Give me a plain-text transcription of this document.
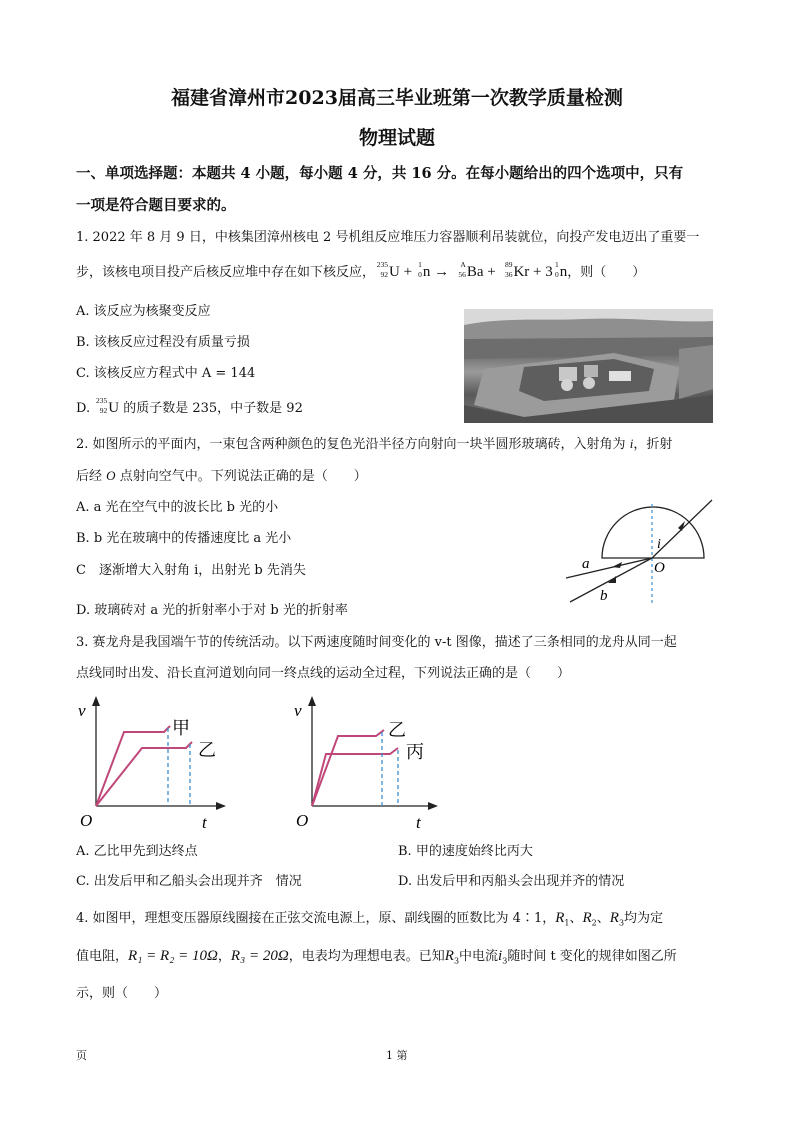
福建省漳州市2023届高三毕业班第一次教学质量检测
物理试题
一、单项选择题：本题共 4 小题，每小题 4 分，共 16 分。在每小题给出的四个选项中，只有
一项是符合题目要求的。
1. 2022 年 8 月 9 日，中核集团漳州核电 2 号机组反应堆压力容器顺利吊装就位，向投产发电迈出了重要一
步，该核电项目投产后核反应堆中存在如下核反应，
235
92 U + 1
0 n → A
56 Ba + 89
36 Kr + 3 1
0 n，则（　　）
A. 该反应为核聚变反应
B. 该核反应过程没有质量亏损
C. 该核反应方程式中 A = 144
D.
235
92 U 的质子数是 235，中子数是 92
2. 如图所示的平面内，一束包含两种颜色的复色光沿半径方向射向一块半圆形玻璃砖，入射角为 i，折射
后经 O 点射向空气中。下列说法正确的是（　　）
A. a 光在空气中的波长比 b 光的小
B. b 光在玻璃中的传播速度比 a 光小
C　逐渐增大入射角 i，出射光 b 先消失
D. 玻璃砖对 a 光的折射率小于对 b 光的折射率
i
O
a
b
3. 赛龙舟是我国端午节的传统活动。以下两速度随时间变化的 v-t 图像，描述了三条相同的龙舟从同一起
点线同时出发、沿长直河道划向同一终点线的运动全过程，下列说法正确的是（　　）
v
O	t
甲
乙
v
O	t
乙
丙
A. 乙比甲先到达终点	B. 甲的速度始终比丙大
C. 出发后甲和乙船头会出现并齐　情况	D. 出发后甲和丙船头会出现并齐的情况
4. 如图甲，理想变压器原线圈接在正弦交流电源上，原、副线圈的匝数比为 4∶1，$R_1$、$R_2$、$R_3$均为定
值电阻，R₁ = R₂ = 10Ω，R₃ = 20Ω，电表均为理想电表。已知$R_3$中电流$i_3$随时间 t 变化的规律如图乙所
示，则（　　）
页	1 第
